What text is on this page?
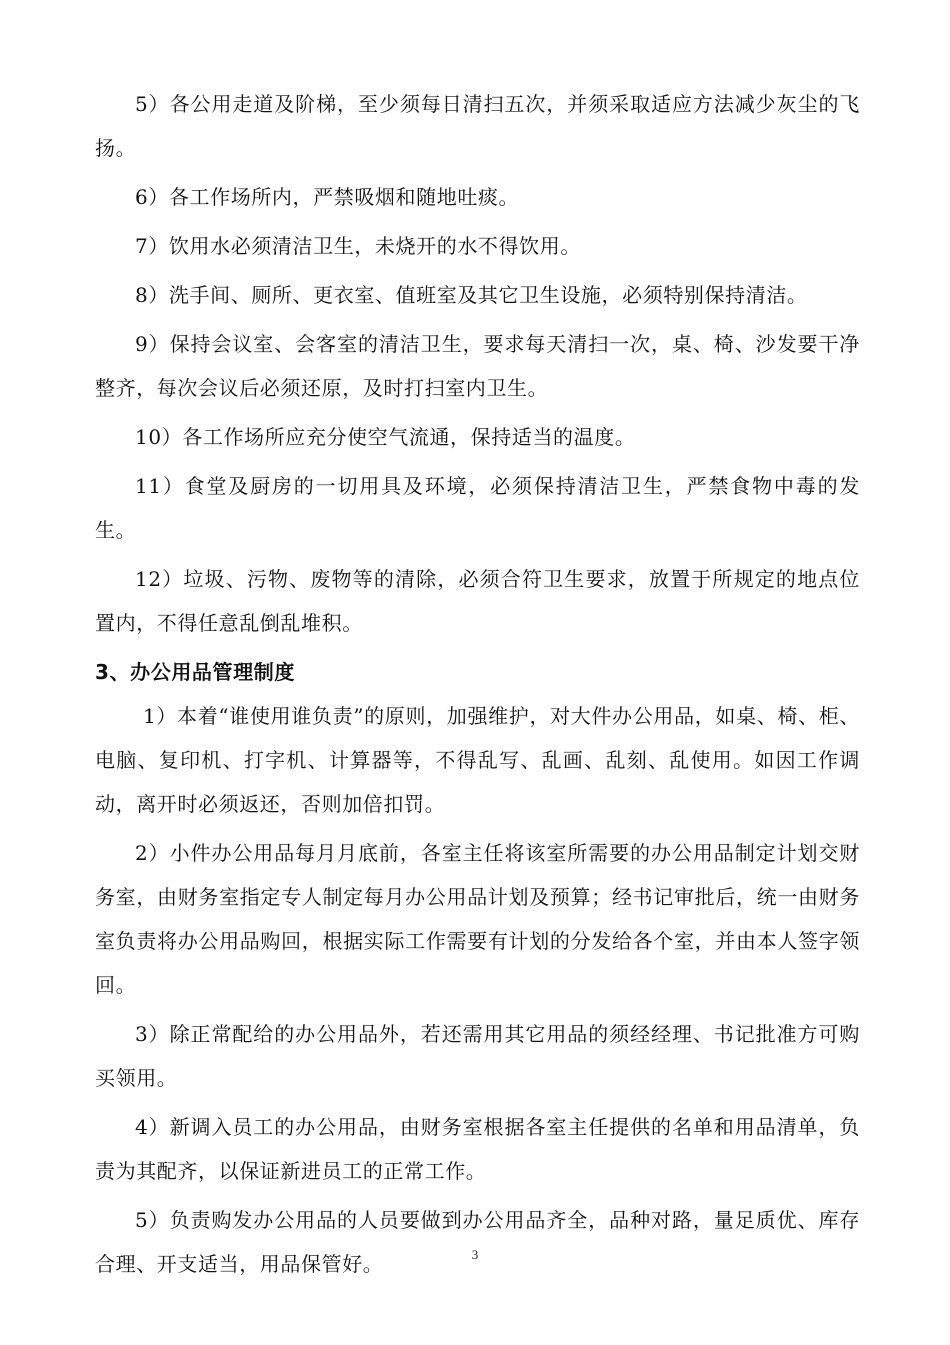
5）各公用走道及阶梯，至少须每日清扫五次，并须采取适应方法减少灰尘的飞扬。

6）各工作场所内，严禁吸烟和随地吐痰。

7）饮用水必须清洁卫生，未烧开的水不得饮用。

8）洗手间、厕所、更衣室、值班室及其它卫生设施，必须特别保持清洁。

9）保持会议室、会客室的清洁卫生，要求每天清扫一次，桌、椅、沙发要干净整齐，每次会议后必须还原，及时打扫室内卫生。

10）各工作场所应充分使空气流通，保持适当的温度。

11）食堂及厨房的一切用具及环境，必须保持清洁卫生，严禁食物中毒的发生。

12）垃圾、污物、废物等的清除，必须合符卫生要求，放置于所规定的地点位置内，不得任意乱倒乱堆积。

3、办公用品管理制度

1）本着“谁使用谁负责”的原则，加强维护，对大件办公用品，如桌、椅、柜、电脑、复印机、打字机、计算器等，不得乱写、乱画、乱刻、乱使用。如因工作调动，离开时必须返还，否则加倍扣罚。

2）小件办公用品每月月底前，各室主任将该室所需要的办公用品制定计划交财务室，由财务室指定专人制定每月办公用品计划及预算；经书记审批后，统一由财务室负责将办公用品购回，根据实际工作需要有计划的分发给各个室，并由本人签字领回。

3）除正常配给的办公用品外，若还需用其它用品的须经经理、书记批准方可购买领用。

4）新调入员工的办公用品，由财务室根据各室主任提供的名单和用品清单，负责为其配齐，以保证新进员工的正常工作。

5）负责购发办公用品的人员要做到办公用品齐全，品种对路，量足质优、库存合理、开支适当，用品保管好。	3
